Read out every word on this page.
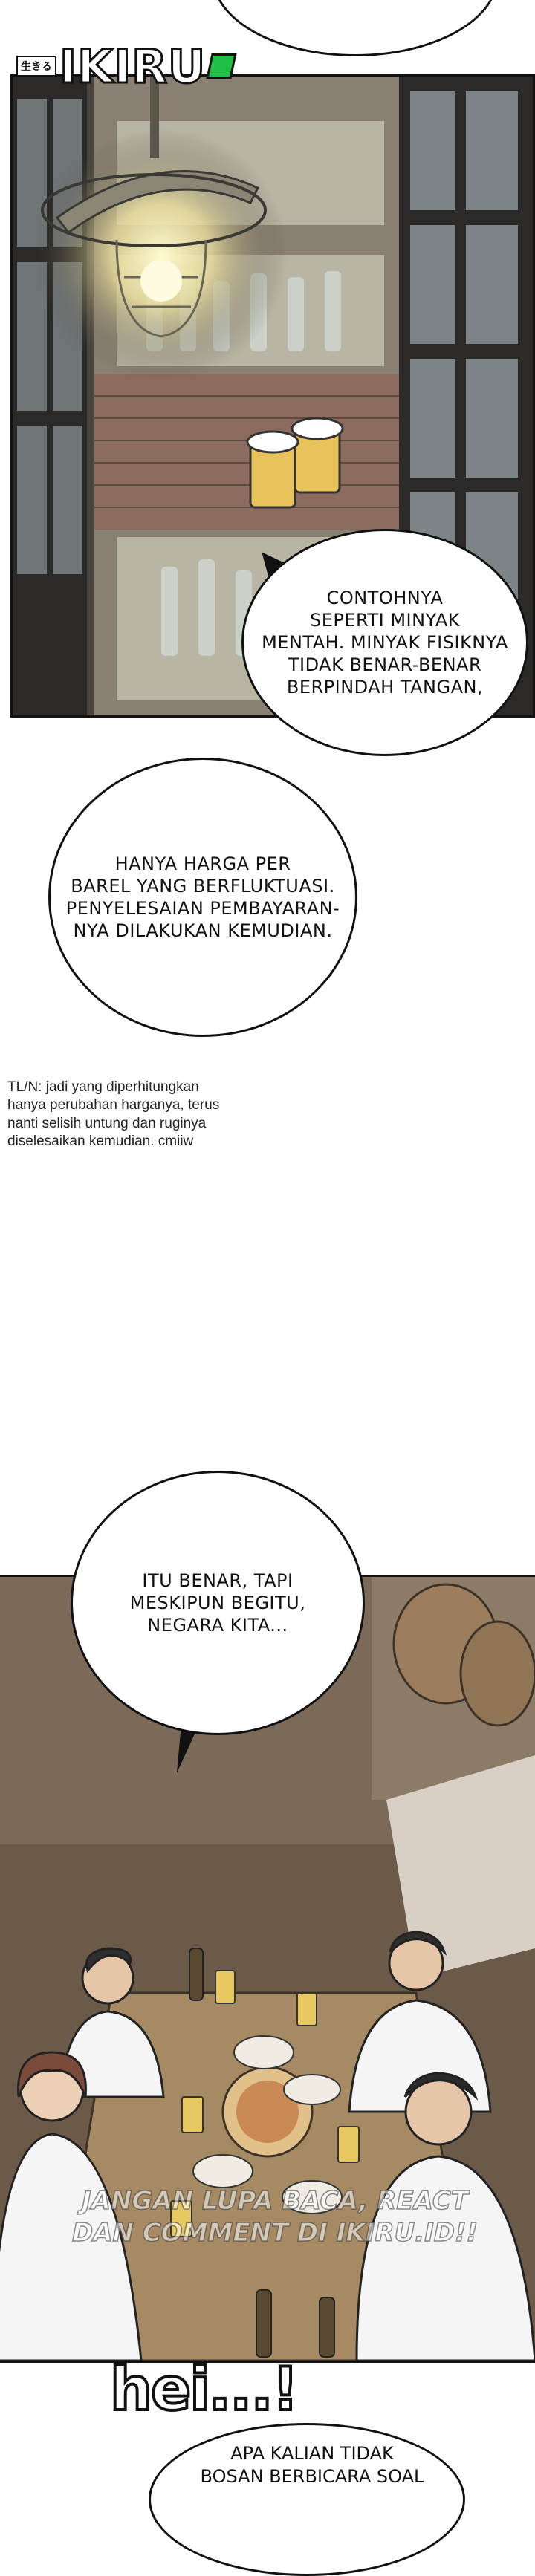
生きる IKIRU
CONTOHNYA
SEPERTI MINYAK
MENTAH. MINYAK FISIKNYA
TIDAK BENAR-BENAR
BERPINDAH TANGAN,
HANYA HARGA PER
BAREL YANG BERFLUKTUASI.
PENYELESAIAN PEMBAYARAN-
NYA DILAKUKAN KEMUDIAN.
TL/N: jadi yang diperhitungkan
hanya perubahan harganya, terus
nanti selisih untung dan ruginya
diselesaikan kemudian. cmiiw
ITU BENAR, TAPI
MESKIPUN BEGITU,
NEGARA KITA...
JANGAN LUPA BACA, REACT
DAN COMMENT DI IKIRU.ID!!
hei...!
APA KALIAN TIDAK
BOSAN BERBICARA SOAL
